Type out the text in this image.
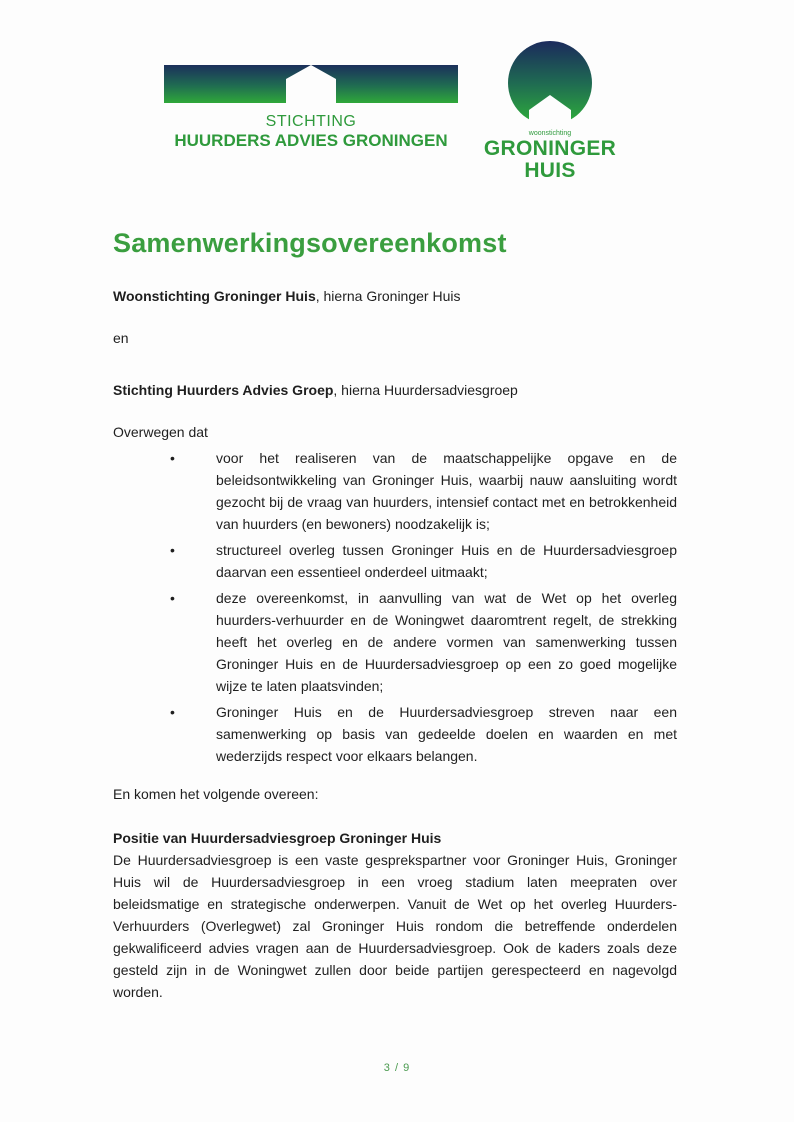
STICHTING
HUURDERS ADVIES GRONINGEN	woonstichting
GRONINGER
HUIS
Samenwerkingsovereenkomst

Woonstichting Groninger Huis, hierna Groninger Huis

en

Stichting Huurders Advies Groep, hierna Huurdersadviesgroep

Overwegen dat

•	voor het realiseren van de maatschappelijke opgave en de beleidsontwikkeling van Groninger Huis, waarbij nauw aansluiting wordt gezocht bij de vraag van huurders, intensief contact met en betrokkenheid van huurders (en bewoners) noodzakelijk is;
•	structureel overleg tussen Groninger Huis en de Huurdersadviesgroep daarvan een essentieel onderdeel uitmaakt;
•	deze overeenkomst, in aanvulling van wat de Wet op het overleg huurders-verhuurder en de Woningwet daaromtrent regelt, de strekking heeft het overleg en de andere vormen van samenwerking tussen Groninger Huis en de Huurdersadviesgroep op een zo goed mogelijke wijze te laten plaatsvinden;
•	Groninger Huis en de Huurdersadviesgroep streven naar een samenwerking op basis van gedeelde doelen en waarden en met wederzijds respect voor elkaars belangen.

En komen het volgende overeen:

Positie van Huurdersadviesgroep Groninger Huis

De Huurdersadviesgroep is een vaste gesprekspartner voor Groninger Huis, Groninger Huis wil de Huurdersadviesgroep in een vroeg stadium laten meepraten over beleidsmatige en strategische onderwerpen. Vanuit de Wet op het overleg Huurders-Verhuurders (Overlegwet) zal Groninger Huis rondom die betreffende onderdelen gekwalificeerd advies vragen aan de Huurdersadviesgroep. Ook de kaders zoals deze gesteld zijn in de Woningwet zullen door beide partijen gerespecteerd en nagevolgd worden.

3 / 9
